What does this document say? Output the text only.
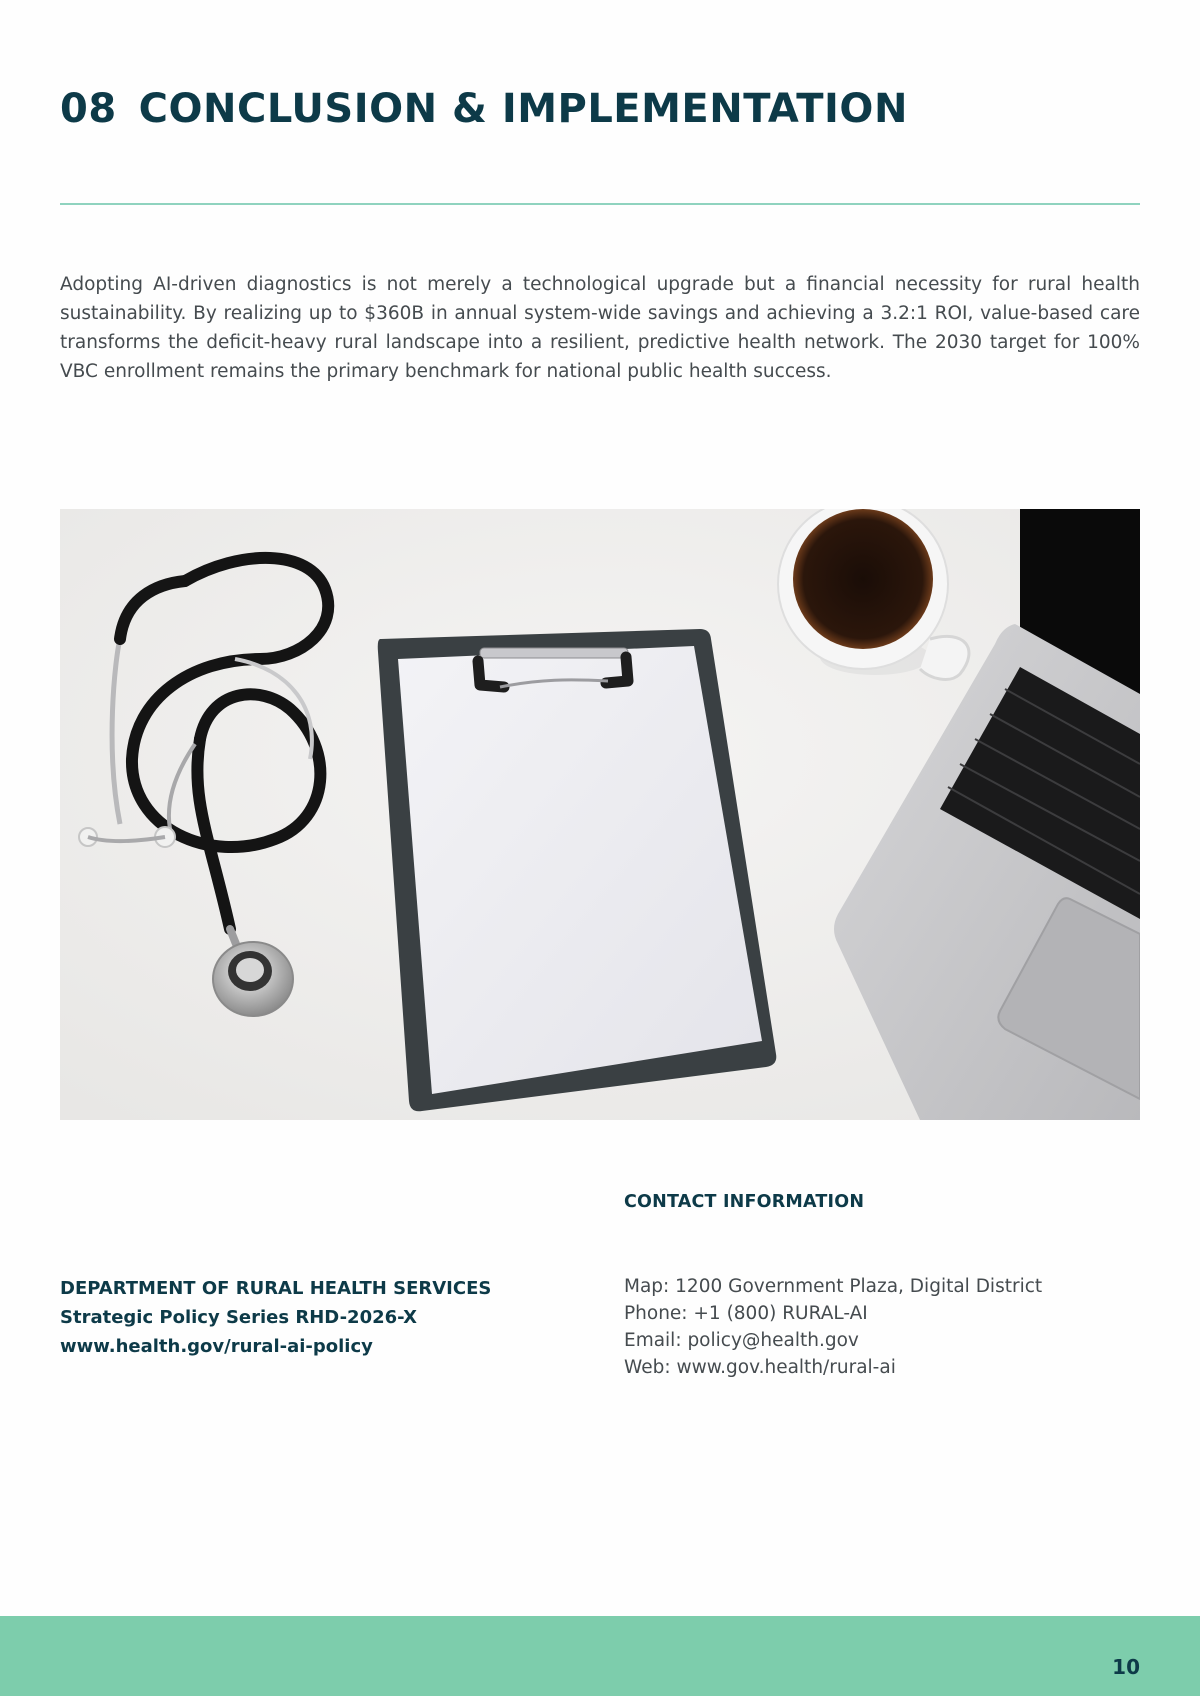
08 CONCLUSION & IMPLEMENTATION

Adopting AI-driven diagnostics is not merely a technological upgrade but a financial necessity for rural health sustainability. By realizing up to $360B in annual system-wide savings and achieving a 3.2:1 ROI, value-based care transforms the deficit-heavy rural landscape into a resilient, predictive health network. The 2030 target for 100% VBC enrollment remains the primary benchmark for national public health success.

CONTACT INFORMATION
DEPARTMENT OF RURAL HEALTH SERVICES
Strategic Policy Series RHD-2026-X
www.health.gov/rural-ai-policy
Map: 1200 Government Plaza, Digital District
Phone: +1 (800) RURAL-AI
Email: policy@health.gov
Web: www.gov.health/rural-ai
10
